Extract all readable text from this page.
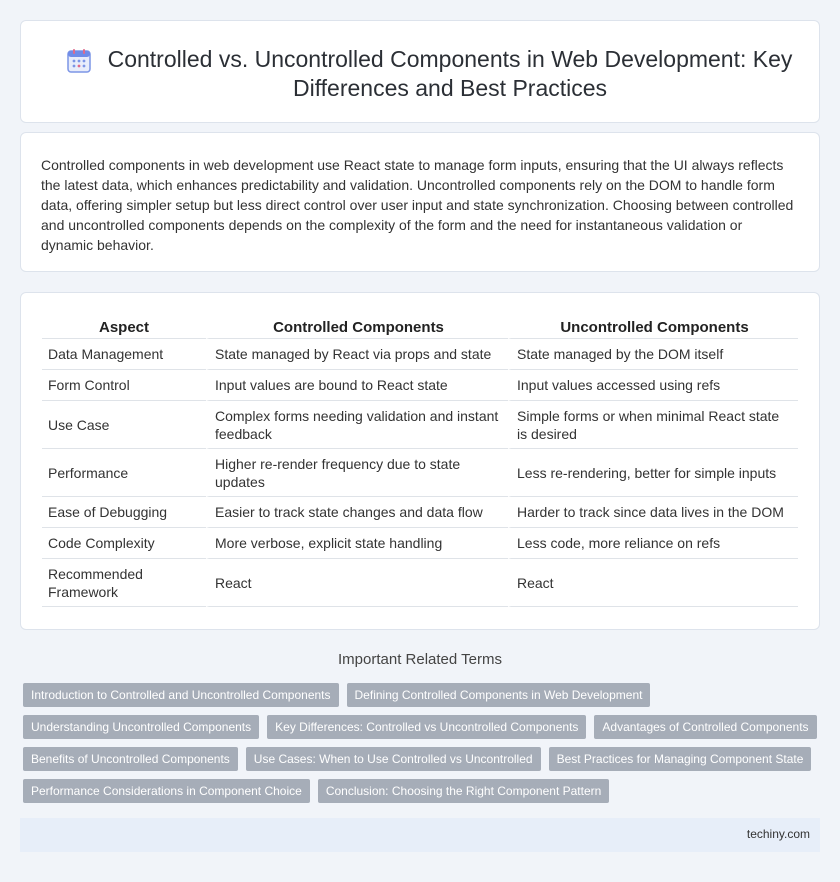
Controlled vs. Uncontrolled Components in Web Development: Key Differences and Best Practices

Controlled components in web development use React state to manage form inputs, ensuring that the UI always reflects the latest data, which enhances predictability and validation. Uncontrolled components rely on the DOM to handle form data, offering simpler setup but less direct control over user input and state synchronization. Choosing between controlled and uncontrolled components depends on the complexity of the form and the need for instantaneous validation or dynamic behavior.

Aspect	Controlled Components	Uncontrolled Components
Data Management	State managed by React via props and state	State managed by the DOM itself
Form Control	Input values are bound to React state	Input values accessed using refs
Use Case	Complex forms needing validation and instant feedback	Simple forms or when minimal React state is desired
Performance	Higher re-render frequency due to state updates	Less re-rendering, better for simple inputs
Ease of Debugging	Easier to track state changes and data flow	Harder to track since data lives in the DOM
Code Complexity	More verbose, explicit state handling	Less code, more reliance on refs
Recommended Framework	React	React
Important Related Terms
Introduction to Controlled and Uncontrolled Components	Defining Controlled Components in Web Development
Understanding Uncontrolled Components	Key Differences: Controlled vs Uncontrolled Components	Advantages of Controlled Components
Benefits of Uncontrolled Components	Use Cases: When to Use Controlled vs Uncontrolled	Best Practices for Managing Component State
Performance Considerations in Component Choice	Conclusion: Choosing the Right Component Pattern
techiny.com
